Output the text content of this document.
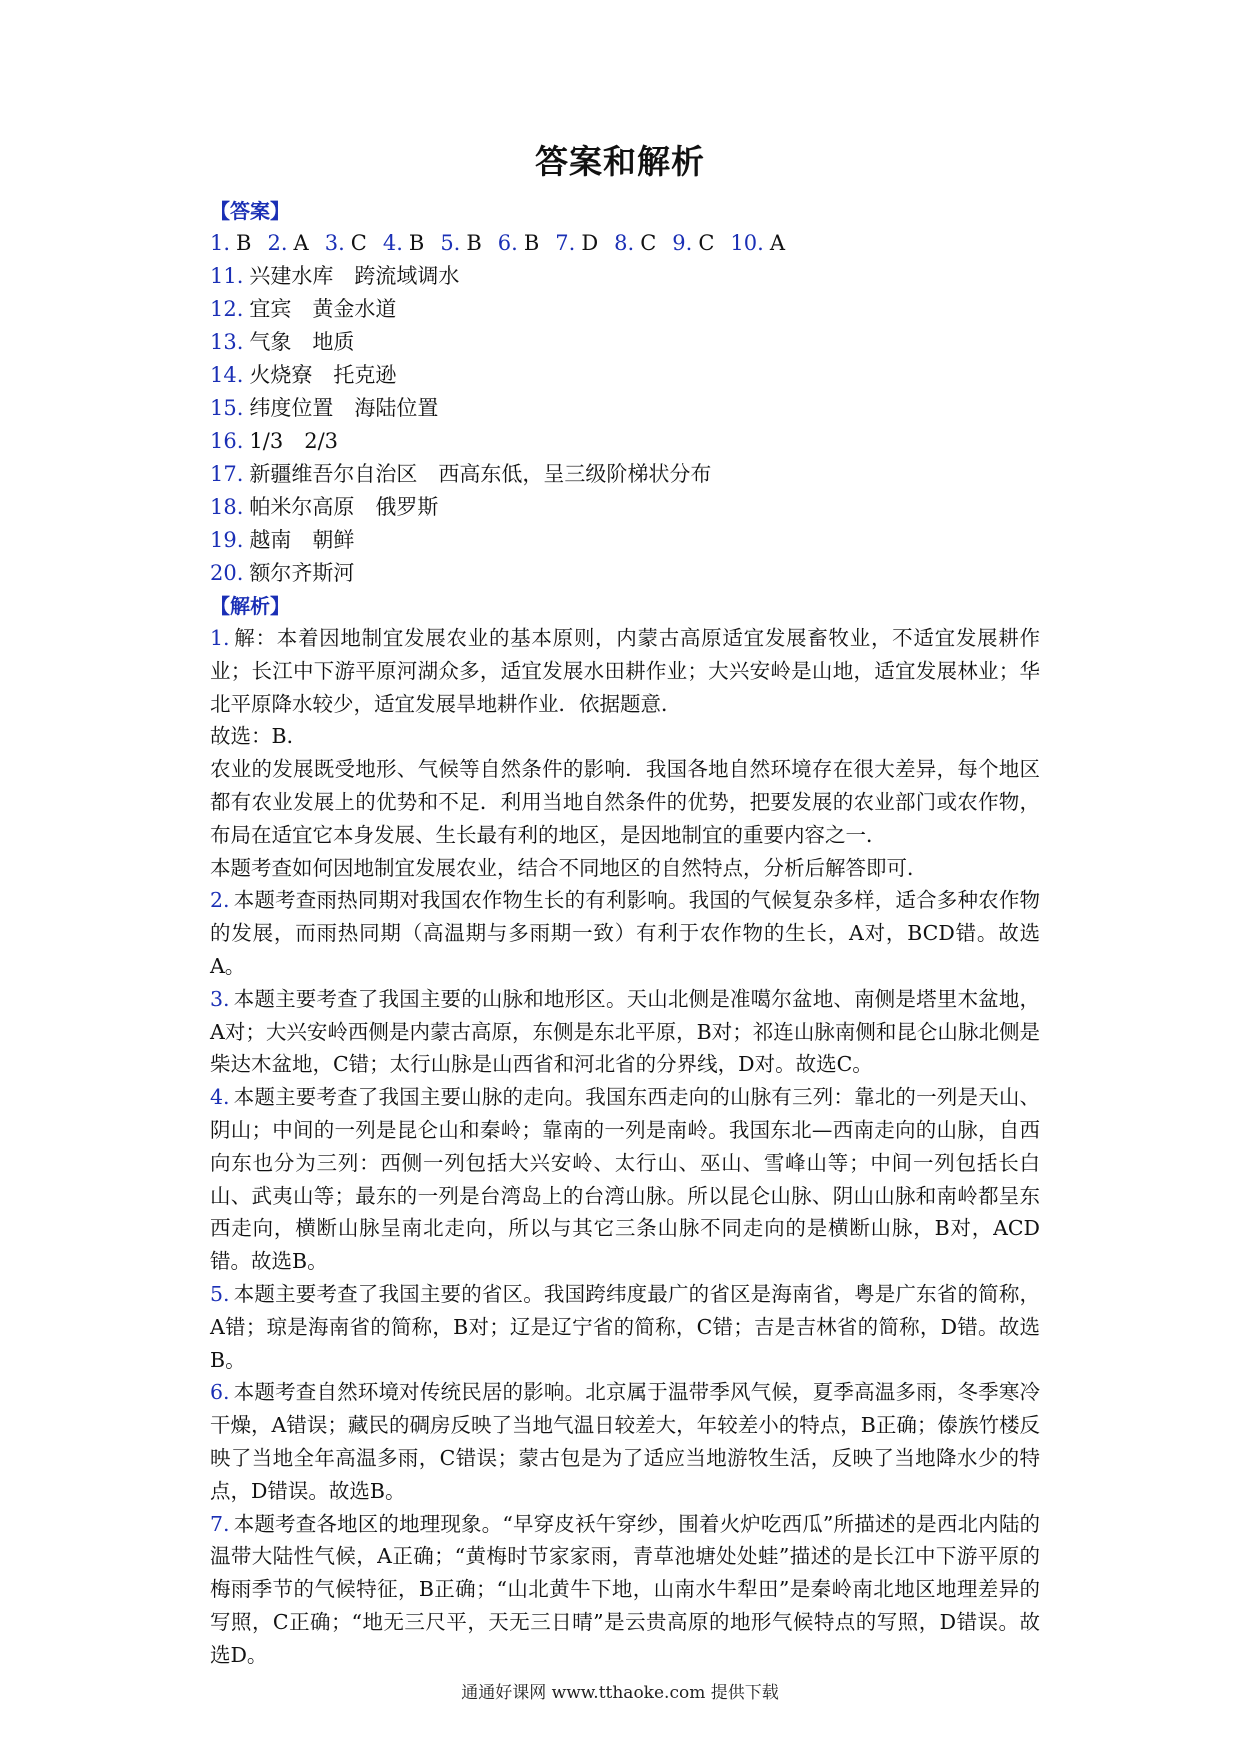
答案和解析
【答案】
1. B 2. A 3. C 4. B 5. B 6. B 7. D 8. C 9. C 10. A
11. 兴建水库　跨流域调水
12. 宜宾　黄金水道
13. 气象　地质
14. 火烧寮　托克逊
15. 纬度位置　海陆位置
16. 1/3　2/3
17. 新疆维吾尔自治区　西高东低，呈三级阶梯状分布
18. 帕米尔高原　俄罗斯
19. 越南　朝鲜
20. 额尔齐斯河
【解析】
1. 解：本着因地制宜发展农业的基本原则，内蒙古高原适宜发展畜牧业，不适宜发展耕作业；长江中下游平原河湖众多，适宜发展水田耕作业；大兴安岭是山地，适宜发展林业；华北平原降水较少，适宜发展旱地耕作业．依据题意．
故选：B．
农业的发展既受地形、气候等自然条件的影响．我国各地自然环境存在很大差异，每个地区都有农业发展上的优势和不足．利用当地自然条件的优势，把要发展的农业部门或农作物，布局在适宜它本身发展、生长最有利的地区，是因地制宜的重要内容之一．
本题考查如何因地制宜发展农业，结合不同地区的自然特点，分析后解答即可．
2. 本题考查雨热同期对我国农作物生长的有利影响。我国的气候复杂多样，适合多种农作物的发展，而雨热同期（高温期与多雨期一致）有利于农作物的生长，A对，BCD错。故选A。
3. 本题主要考查了我国主要的山脉和地形区。天山北侧是准噶尔盆地、南侧是塔里木盆地，A对；大兴安岭西侧是内蒙古高原，东侧是东北平原，B对；祁连山脉南侧和昆仑山脉北侧是柴达木盆地，C错；太行山脉是山西省和河北省的分界线，D对。故选C。
4. 本题主要考查了我国主要山脉的走向。我国东西走向的山脉有三列：靠北的一列是天山、阴山；中间的一列是昆仑山和秦岭；靠南的一列是南岭。我国东北—西南走向的山脉，自西向东也分为三列：西侧一列包括大兴安岭、太行山、巫山、雪峰山等；中间一列包括长白山、武夷山等；最东的一列是台湾岛上的台湾山脉。所以昆仑山脉、阴山山脉和南岭都呈东西走向，横断山脉呈南北走向，所以与其它三条山脉不同走向的是横断山脉，B对，ACD错。故选B。
5. 本题主要考查了我国主要的省区。我国跨纬度最广的省区是海南省，粤是广东省的简称，A错；琼是海南省的简称，B对；辽是辽宁省的简称，C错；吉是吉林省的简称，D错。故选B。
6. 本题考查自然环境对传统民居的影响。北京属于温带季风气候，夏季高温多雨，冬季寒冷干燥，A错误；藏民的碉房反映了当地气温日较差大，年较差小的特点，B正确；傣族竹楼反映了当地全年高温多雨，C错误；蒙古包是为了适应当地游牧生活，反映了当地降水少的特点，D错误。故选B。
7. 本题考查各地区的地理现象。“早穿皮袄午穿纱，围着火炉吃西瓜”所描述的是西北内陆的温带大陆性气候，A正确；“黄梅时节家家雨，青草池塘处处蛙”描述的是长江中下游平原的梅雨季节的气候特征，B正确；“山北黄牛下地，山南水牛犁田”是秦岭南北地区地理差异的写照，C正确；“地无三尺平，天无三日晴”是云贵高原的地形气候特点的写照，D错误。故选D。
通通好课网 www.tthaoke.com 提供下载
